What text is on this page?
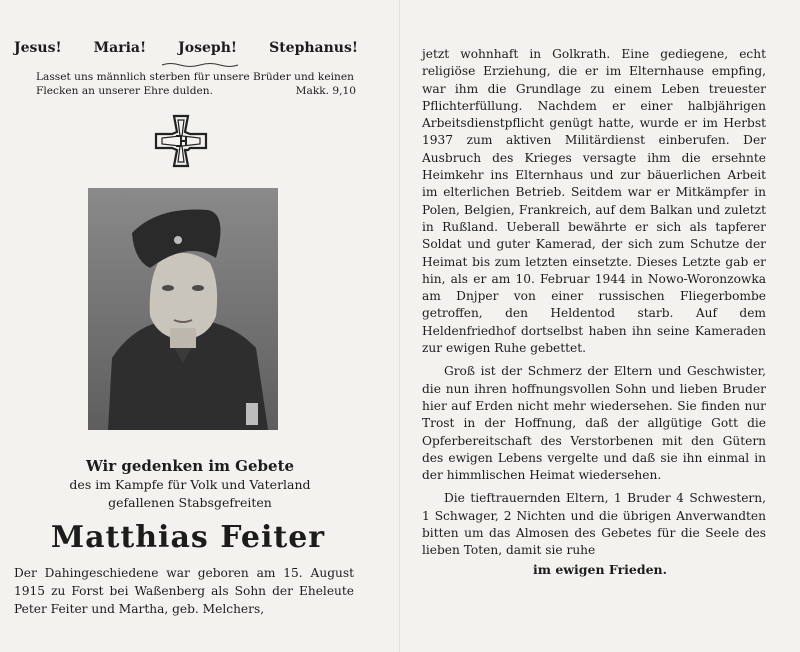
Jesus! Maria! Joseph! Stephanus!
Lasset uns männlich sterben für unsere Brüder und keinen
Flecken an unserer Ehre dulden.	Makk. 9,10
Wir gedenken im Gebete
des im Kampfe für Volk und Vaterland
gefallenen Stabsgefreiten
Matthias Feiter
Der Dahingeschiedene war geboren am 15. August 1915 zu Forst bei Waßenberg als Sohn der Eheleute Peter Feiter und Martha, geb. Melchers,

jetzt wohnhaft in Golkrath. Eine gediegene, echt religiöse Erziehung, die er im Elternhause empfing, war ihm die Grundlage zu einem Leben treuester Pflichterfüllung. Nachdem er einer halbjährigen Arbeitsdienstpflicht genügt hatte, wurde er im Herbst 1937 zum aktiven Militärdienst einberufen. Der Ausbruch des Krieges versagte ihm die ersehnte Heimkehr ins Elternhaus und zur bäuerlichen Arbeit im elterlichen Betrieb. Seitdem war er Mitkämpfer in Polen, Belgien, Frankreich, auf dem Balkan und zuletzt in Rußland. Ueberall bewährte er sich als tapferer Soldat und guter Kamerad, der sich zum Schutze der Heimat bis zum letzten einsetzte. Dieses Letzte gab er hin, als er am 10. Februar 1944 in Nowo-Woronzowka am Dnjper von einer russischen Fliegerbombe getroffen, den Heldentod starb. Auf dem Heldenfriedhof dortselbst haben ihn seine Kameraden zur ewigen Ruhe gebettet.

Groß ist der Schmerz der Eltern und Geschwister, die nun ihren hoffnungsvollen Sohn und lieben Bruder hier auf Erden nicht mehr wiedersehen. Sie finden nur Trost in der Hoffnung, daß der allgütige Gott die Opferbereitschaft des Verstorbenen mit den Gütern des ewigen Lebens vergelte und daß sie ihn einmal in der himmlischen Heimat wiedersehen.

Die tieftrauernden Eltern, 1 Bruder 4 Schwestern, 1 Schwager, 2 Nichten und die übrigen Anverwandten bitten um das Almosen des Gebetes für die Seele des lieben Toten, damit sie ruhe

im ewigen Frieden.
